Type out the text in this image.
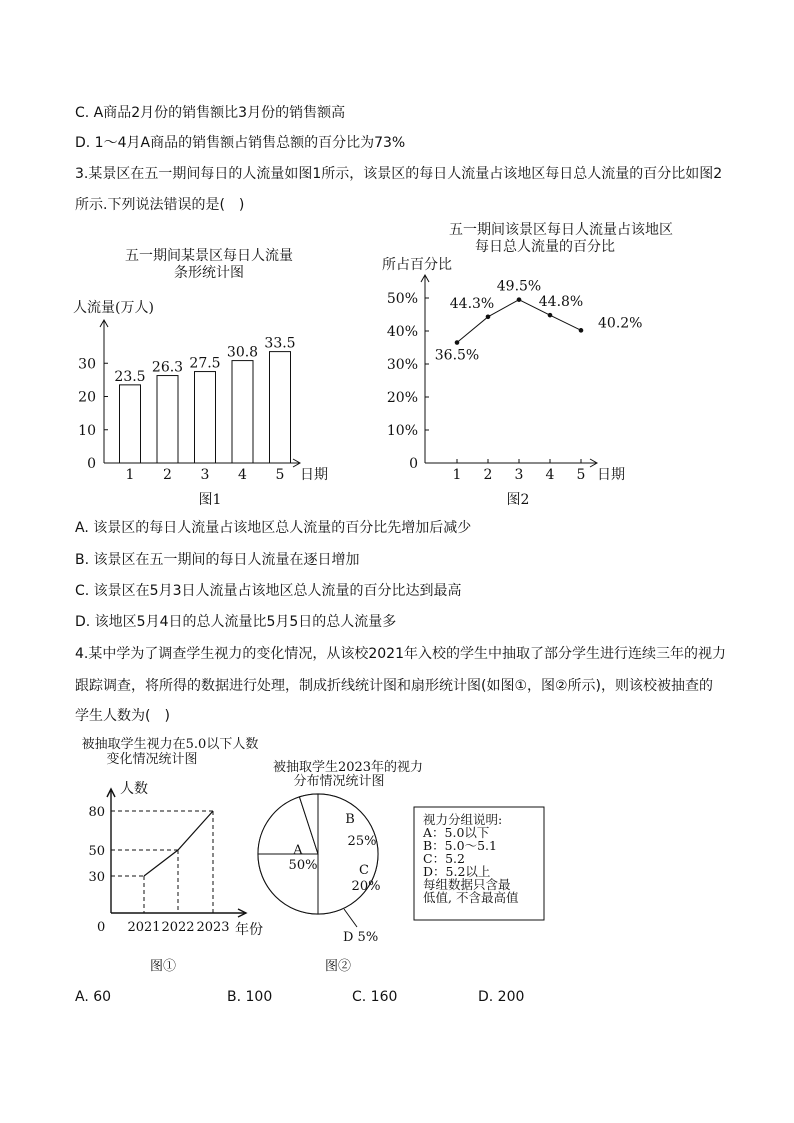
C. A商品2月份的销售额比3月份的销售额高
D. 1～4月A商品的销售额占销售总额的百分比为73%
3.某景区在五一期间每日的人流量如图1所示，该景区的每日人流量占该地区每日总人流量的百分比如图2
所示.下列说法错误的是(　)
五一期间某景区每日人流量
条形统计图
人流量(万人)
0
10
20
30
1 2 3 4 5
23.5
26.3 27.5
30.8
33.5
日期
图1
五一期间该景区每日人流量占该地区
每日总人流量的百分比
所占百分比
0
10%
20%
30%
40%
50%
1 2 3 4 5
36.5%
44.3%
49.5%
44.8%
40.2%
日期
图2
A. 该景区的每日人流量占该地区总人流量的百分比先增加后减少
B. 该景区在五一期间的每日人流量在逐日增加
C. 该景区在5月3日人流量占该地区总人流量的百分比达到最高
D. 该地区5月4日的总人流量比5月5日的总人流量多
4.某中学为了调查学生视力的变化情况，从该校2021年入校的学生中抽取了部分学生进行连续三年的视力
跟踪调查，将所得的数据进行处理，制成折线统计图和扇形统计图(如图①，图②所示)，则该校被抽查的
学生人数为(　)
被抽取学生视力在5.0以下人数
变化情况统计图
人数
0
30
2021
50
2022
80
2023 年份
图①
被抽取学生2023年的视力
分布情况统计图
A
50%
B
25%
C
20%
D 5%
图②
视力分组说明:
A：5.0以下
B：5.0～5.1
C：5.2
D：5.2以上
每组数据只含最
低值, 不含最高值
A. 60	B. 100	C. 160	D. 200
